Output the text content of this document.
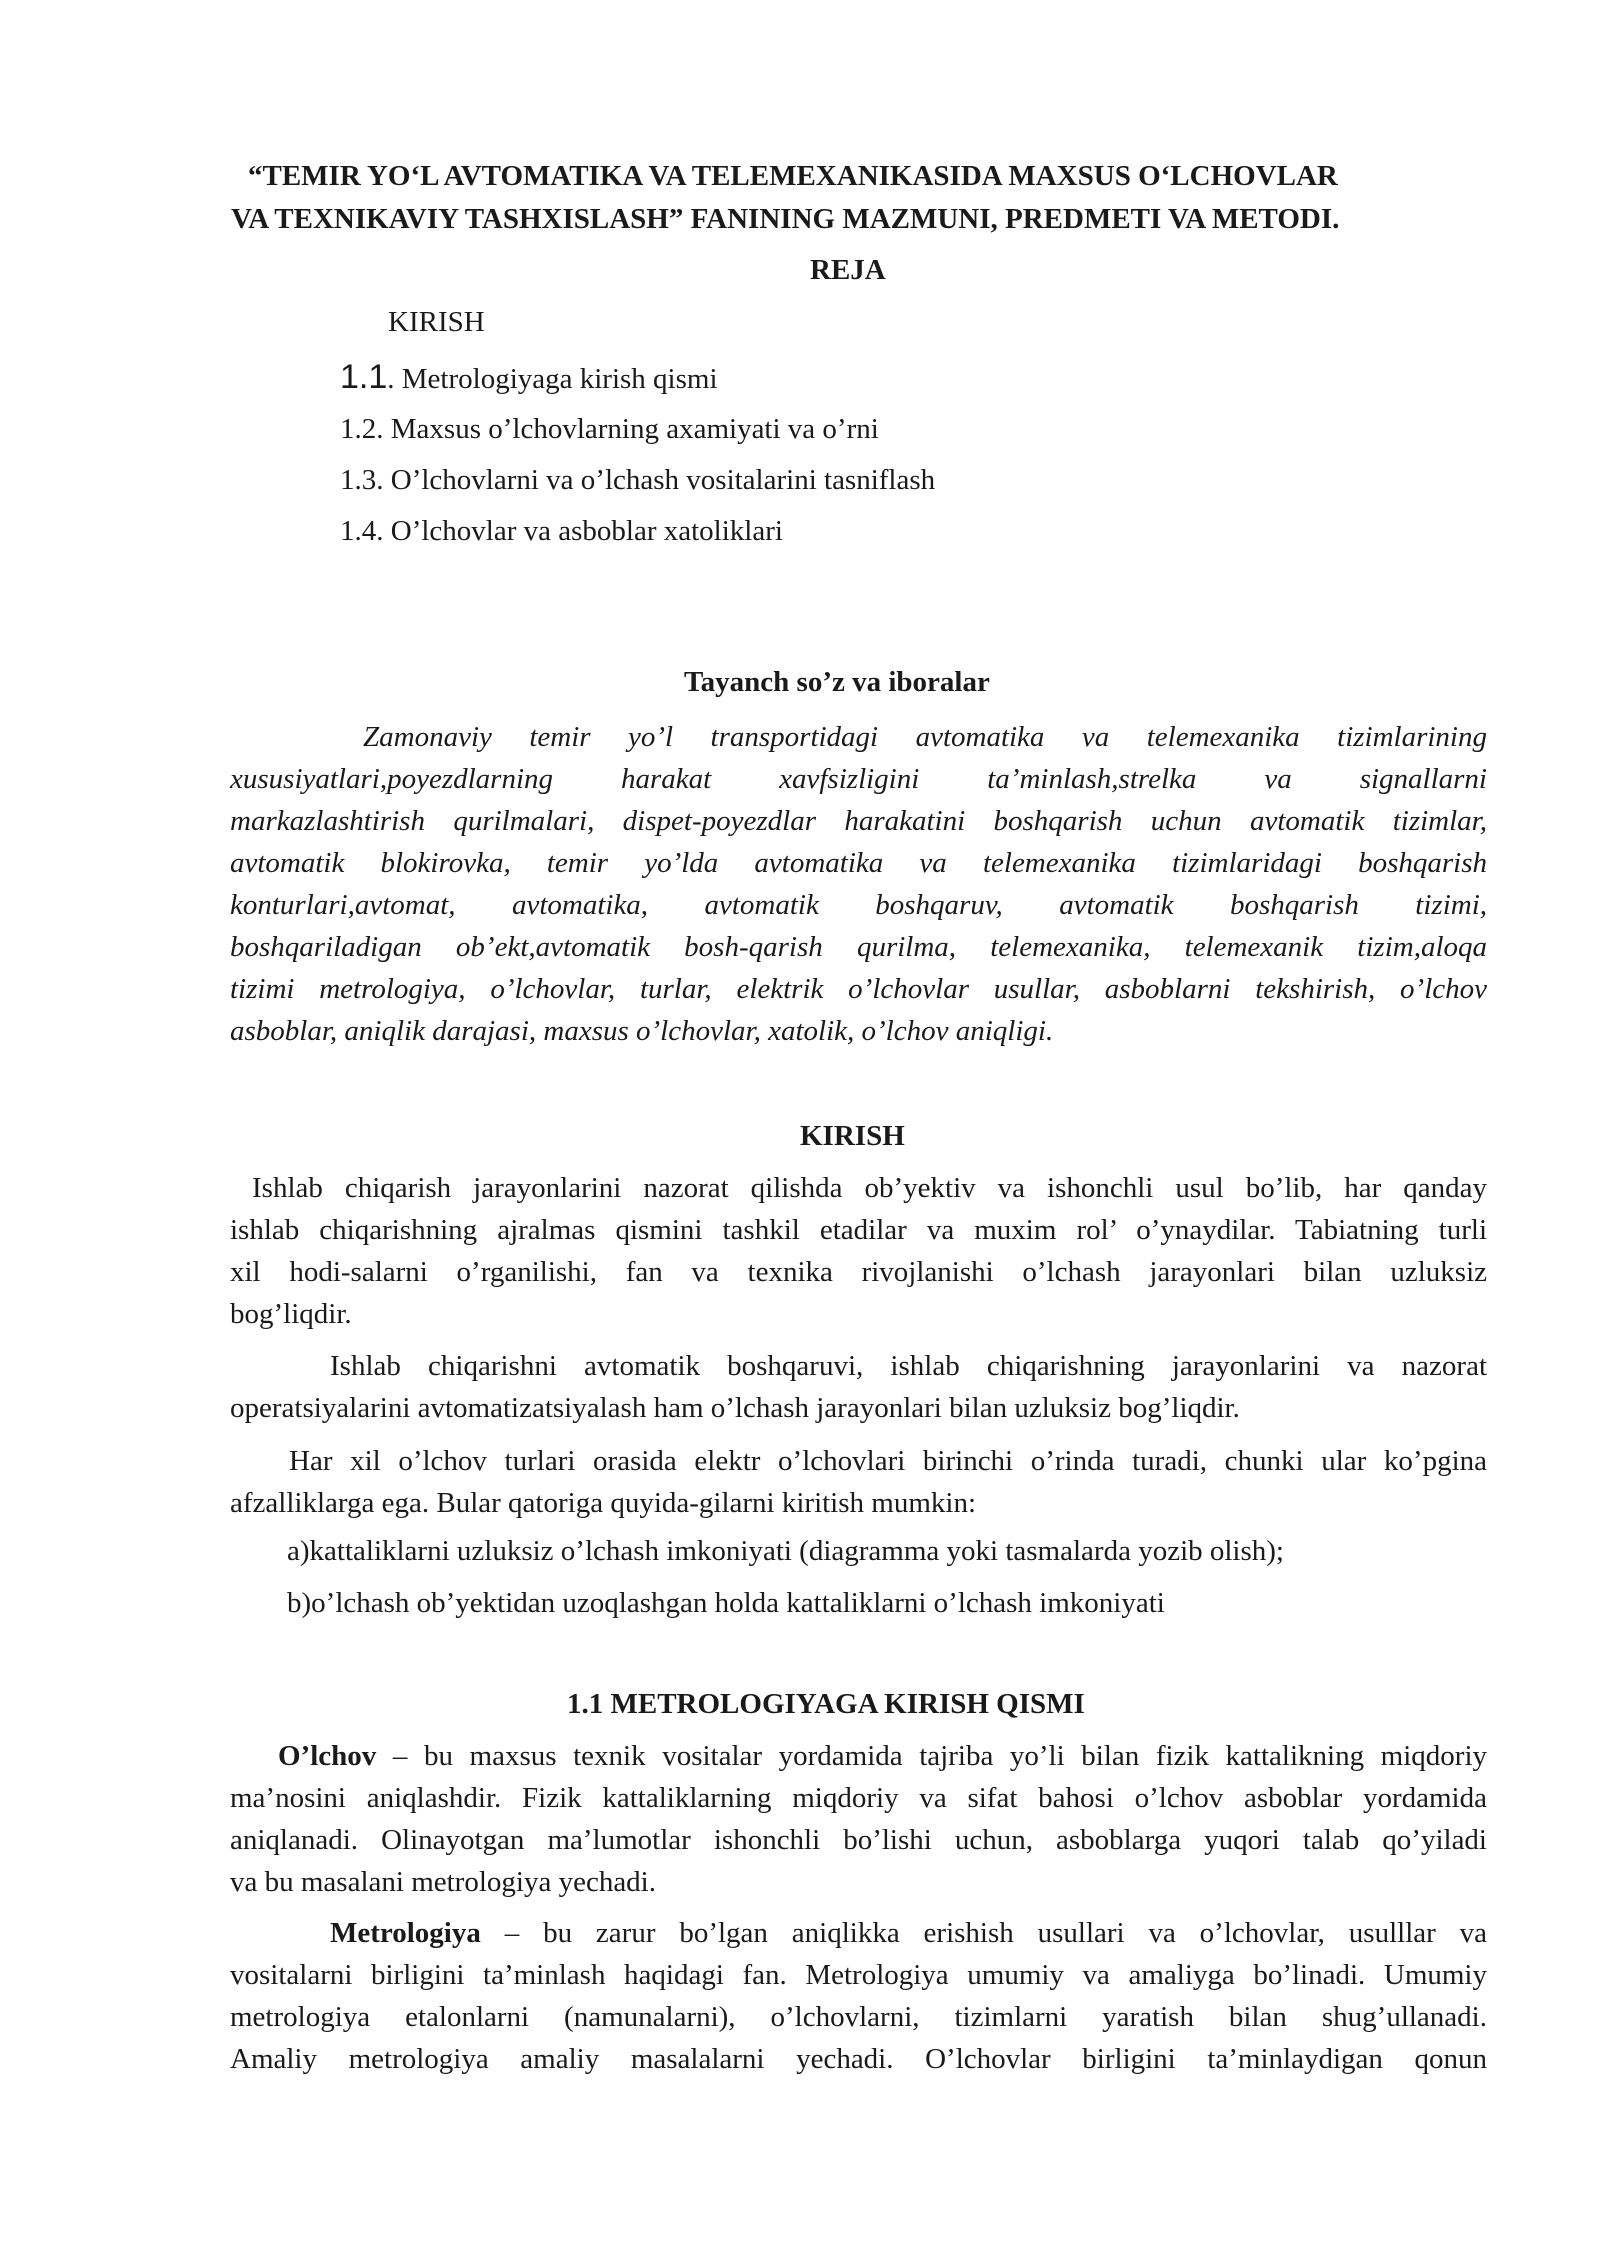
“TEMIR YO‘L AVTOMATIKA VA TELEMEXANIKASIDA MAXSUS O‘LCHOVLAR
VA TEXNIKAVIY TASHXISLASH” FANINING MAZMUNI, PREDMETI VA METODI.
REJA
KIRISH
1.1. Metrologiyaga kirish qismi
1.2. Maxsus o’lchovlarning axamiyati va o’rni
1.3. O’lchovlarni va o’lchash vositalarini tasniflash
1.4. O’lchovlar va asboblar xatoliklari
Tayanch so’z va iboralar
Zamonaviy temir yo’l transportidagi avtomatika va telemexanika tizimlarining
xususiyatlari,poyezdlarning harakat xavfsizligini ta’minlash,strelka va signallarni
markazlashtirish qurilmalari, dispet-poyezdlar harakatini boshqarish uchun avtomatik tizimlar,
avtomatik blokirovka, temir yo’lda avtomatika va telemexanika tizimlaridagi boshqarish
konturlari,avtomat, avtomatika, avtomatik boshqaruv, avtomatik boshqarish tizimi,
boshqariladigan ob’ekt,avtomatik bosh-qarish qurilma, telemexanika, telemexanik tizim,aloqa
tizimi metrologiya, o’lchovlar, turlar, elektrik o’lchovlar usullar, asboblarni tekshirish, o’lchov
asboblar, aniqlik darajasi, maxsus o’lchovlar, xatolik, o’lchov aniqligi.
KIRISH
Ishlab chiqarish jarayonlarini nazorat qilishda ob’yektiv va ishonchli usul bo’lib, har qanday
ishlab chiqarishning ajralmas qismini tashkil etadilar va muxim rol’ o’ynaydilar. Tabiatning turli
xil hodi-salarni o’rganilishi, fan va texnika rivojlanishi o’lchash jarayonlari bilan uzluksiz
bog’liqdir.
Ishlab chiqarishni avtomatik boshqaruvi, ishlab chiqarishning jarayonlarini va nazorat
operatsiyalarini avtomatizatsiyalash ham o’lchash jarayonlari bilan uzluksiz bog’liqdir.
Har xil o’lchov turlari orasida elektr o’lchovlari birinchi o’rinda turadi, chunki ular ko’pgina
afzalliklarga ega. Bular qatoriga quyida-gilarni kiritish mumkin:
a)kattaliklarni uzluksiz o’lchash imkoniyati (diagramma yoki tasmalarda yozib olish);
b)o’lchash ob’yektidan uzoqlashgan holda kattaliklarni o’lchash imkoniyati
1.1 METROLOGIYAGA KIRISH QISMI
O’lchov – bu maxsus texnik vositalar yordamida tajriba yo’li bilan fizik kattalikning miqdoriy
ma’nosini aniqlashdir. Fizik kattaliklarning miqdoriy va sifat bahosi o’lchov asboblar yordamida
aniqlanadi. Olinayotgan ma’lumotlar ishonchli bo’lishi uchun, asboblarga yuqori talab qo’yiladi
va bu masalani metrologiya yechadi.
Metrologiya – bu zarur bo’lgan aniqlikka erishish usullari va o’lchovlar, usulllar va
vositalarni birligini ta’minlash haqidagi fan. Metrologiya umumiy va amaliyga bo’linadi. Umumiy
metrologiya etalonlarni (namunalarni), o’lchovlarni, tizimlarni yaratish bilan shug’ullanadi.
Amaliy metrologiya amaliy masalalarni yechadi. O’lchovlar birligini ta’minlaydigan qonun
